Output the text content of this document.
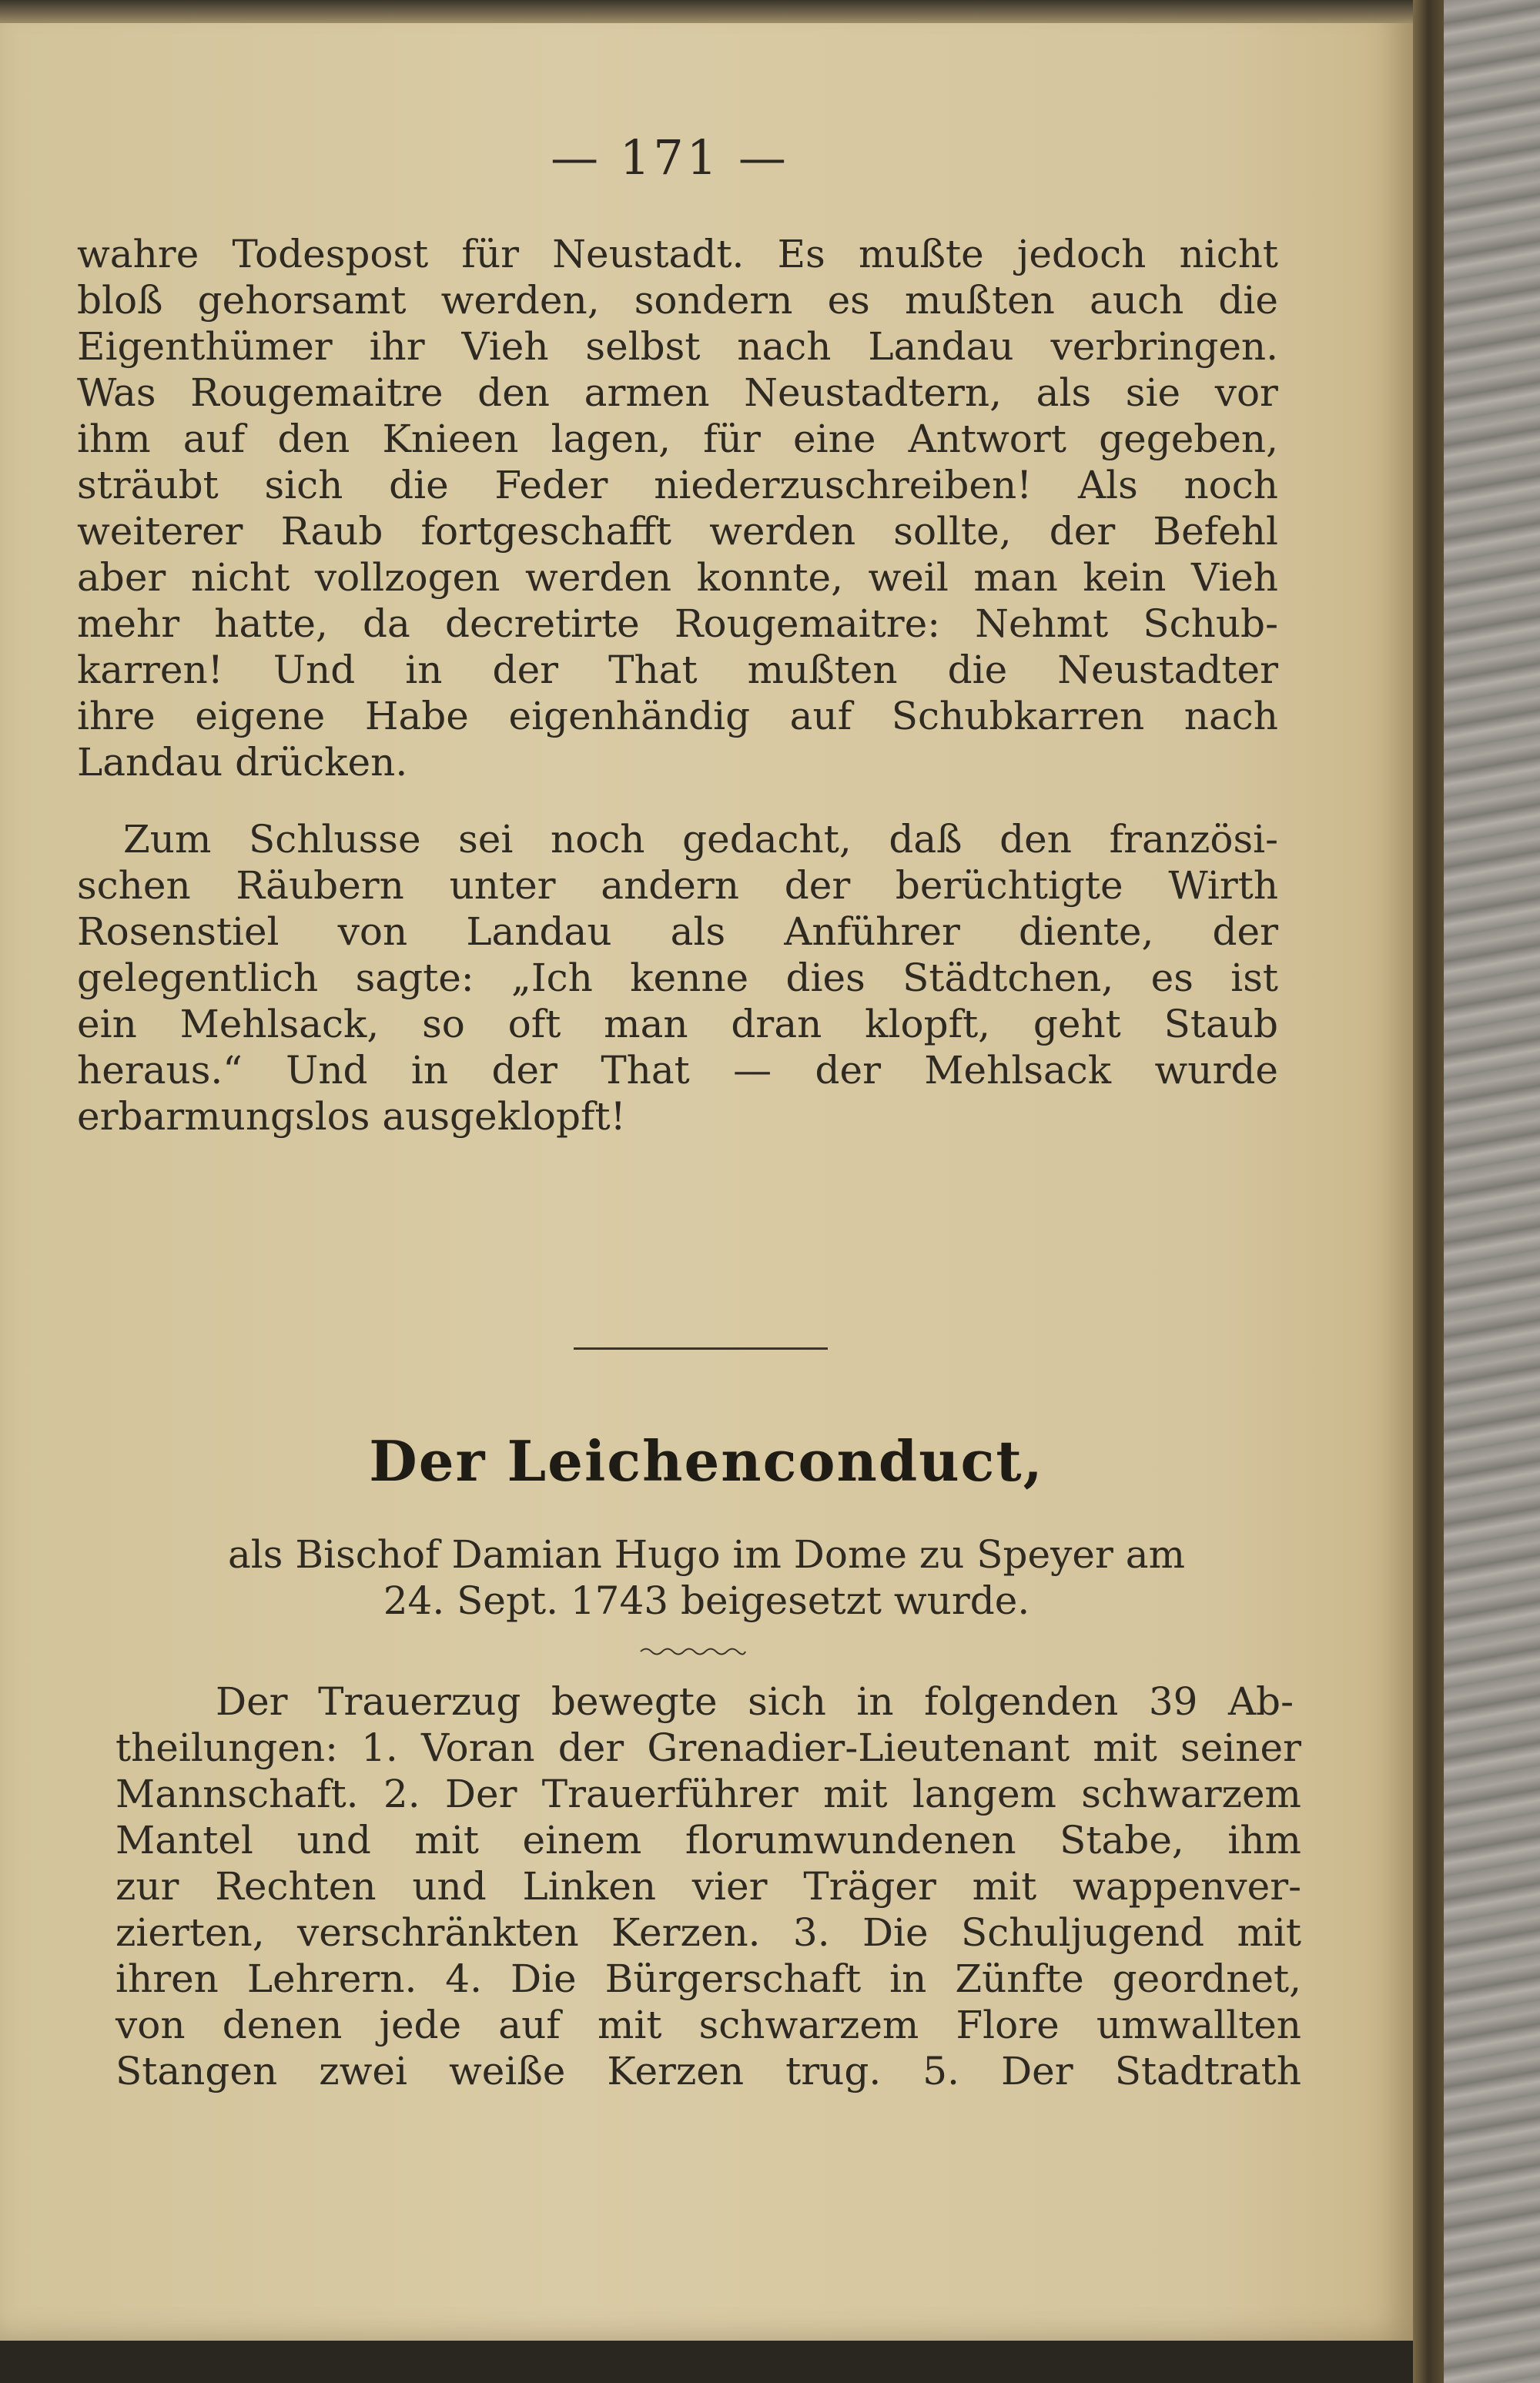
— 171 —

wahre Todespost für Neustadt. Es mußte jedoch nicht

bloß gehorsamt werden, sondern es mußten auch die

Eigenthümer ihr Vieh selbst nach Landau verbringen.

Was Rougemaitre den armen Neustadtern, als sie vor

ihm auf den Knieen lagen, für eine Antwort gegeben,

sträubt sich die Feder niederzuschreiben! Als noch

weiterer Raub fortgeschafft werden sollte, der Befehl

aber nicht vollzogen werden konnte, weil man kein Vieh

mehr hatte, da decretirte Rougemaitre: Nehmt Schub-

karren! Und in der That mußten die Neustadter

ihre eigene Habe eigenhändig auf Schubkarren nach

Landau drücken.

Zum Schlusse sei noch gedacht, daß den französi-

schen Räubern unter andern der berüchtigte Wirth

Rosenstiel von Landau als Anführer diente, der

gelegentlich sagte: „Ich kenne dies Städtchen, es ist

ein Mehlsack, so oft man dran klopft, geht Staub

heraus.“ Und in der That — der Mehlsack wurde

erbarmungslos ausgeklopft!

Der Leichenconduct,

als Bischof Damian Hugo im Dome zu Speyer am

24. Sept. 1743 beigesetzt wurde.

Der Trauerzug bewegte sich in folgenden 39 Ab-

theilungen: 1. Voran der Grenadier-Lieutenant mit seiner

Mannschaft. 2. Der Trauerführer mit langem schwarzem

Mantel und mit einem florumwundenen Stabe, ihm

zur Rechten und Linken vier Träger mit wappenver-

zierten, verschränkten Kerzen. 3. Die Schuljugend mit

ihren Lehrern. 4. Die Bürgerschaft in Zünfte geordnet,

von denen jede auf mit schwarzem Flore umwallten

Stangen zwei weiße Kerzen trug. 5. Der Stadtrath
